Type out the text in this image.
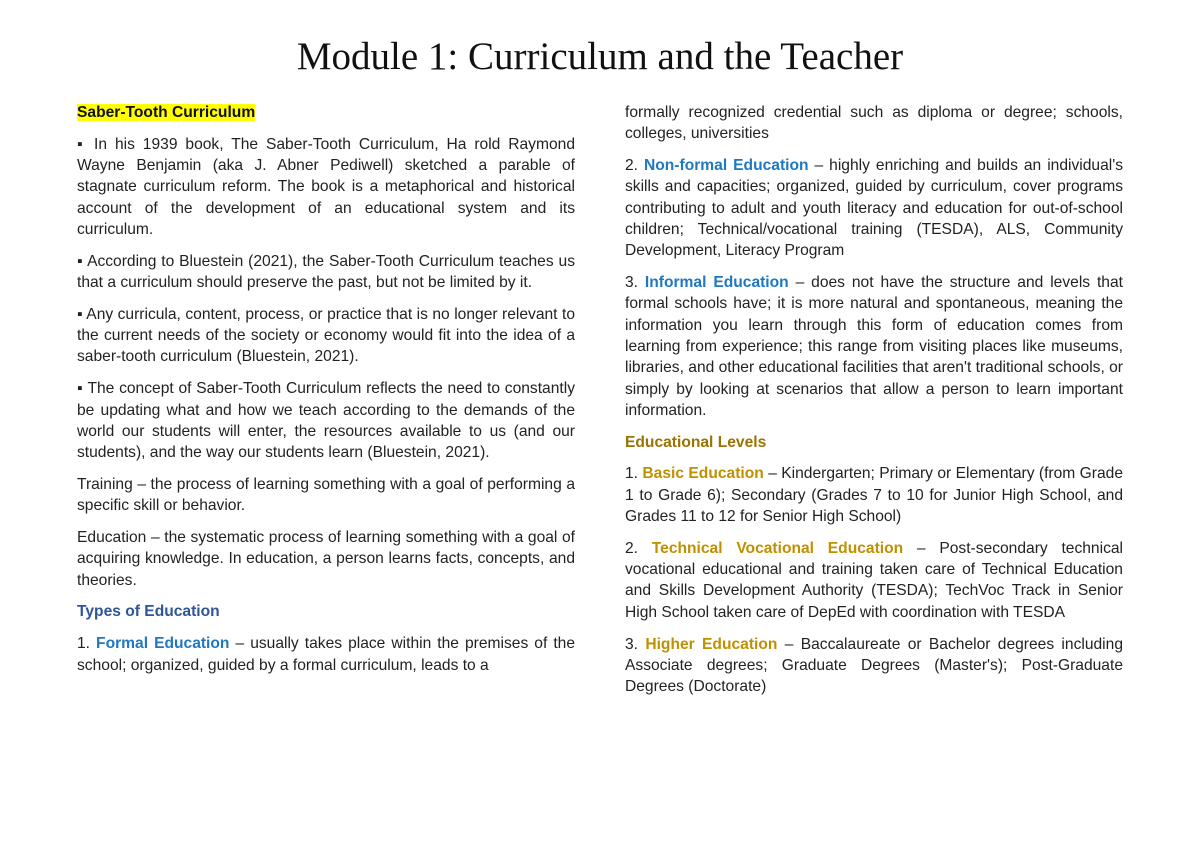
Module 1: Curriculum and the Teacher

Saber-Tooth Curriculum

▪ In his 1939 book, The Saber-Tooth Curriculum, Ha rold Raymond Wayne Benjamin (aka J. Abner Pediwell) sketched a parable of stagnate curriculum reform. The book is a metaphorical and historical account of the development of an educational system and its curriculum.

▪ According to Bluestein (2021), the Saber-Tooth Curriculum teaches us that a curriculum should preserve the past, but not be limited by it.

▪ Any curricula, content, process, or practice that is no longer relevant to the current needs of the society or economy would fit into the idea of a saber-tooth curriculum (Bluestein, 2021).

▪ The concept of Saber-Tooth Curriculum reflects the need to constantly be updating what and how we teach according to the demands of the world our students will enter, the resources available to us (and our students), and the way our students learn (Bluestein, 2021).

Training – the process of learning something with a goal of performing a specific skill or behavior.

Education – the systematic process of learning something with a goal of acquiring knowledge. In education, a person learns facts, concepts, and theories.

Types of Education

1. Formal Education – usually takes place within the premises of the school; organized, guided by a formal curriculum, leads to a

formally recognized credential such as diploma or degree; schools, colleges, universities

2. Non-formal Education – highly enriching and builds an individual's skills and capacities; organized, guided by curriculum, cover programs contributing to adult and youth literacy and education for out-of-school children; Technical/vocational training (TESDA), ALS, Community Development, Literacy Program

3. Informal Education – does not have the structure and levels that formal schools have; it is more natural and spontaneous, meaning the information you learn through this form of education comes from learning from experience; this range from visiting places like museums, libraries, and other educational facilities that aren't traditional schools, or simply by looking at scenarios that allow a person to learn important information.

Educational Levels

1. Basic Education – Kindergarten; Primary or Elementary (from Grade 1 to Grade 6); Secondary (Grades 7 to 10 for Junior High School, and Grades 11 to 12 for Senior High School)

2. Technical Vocational Education – Post-secondary technical vocational educational and training taken care of Technical Education and Skills Development Authority (TESDA); TechVoc Track in Senior High School taken care of DepEd with coordination with TESDA

3. Higher Education – Baccalaureate or Bachelor degrees including Associate degrees; Graduate Degrees (Master's); Post-Graduate Degrees (Doctorate)
